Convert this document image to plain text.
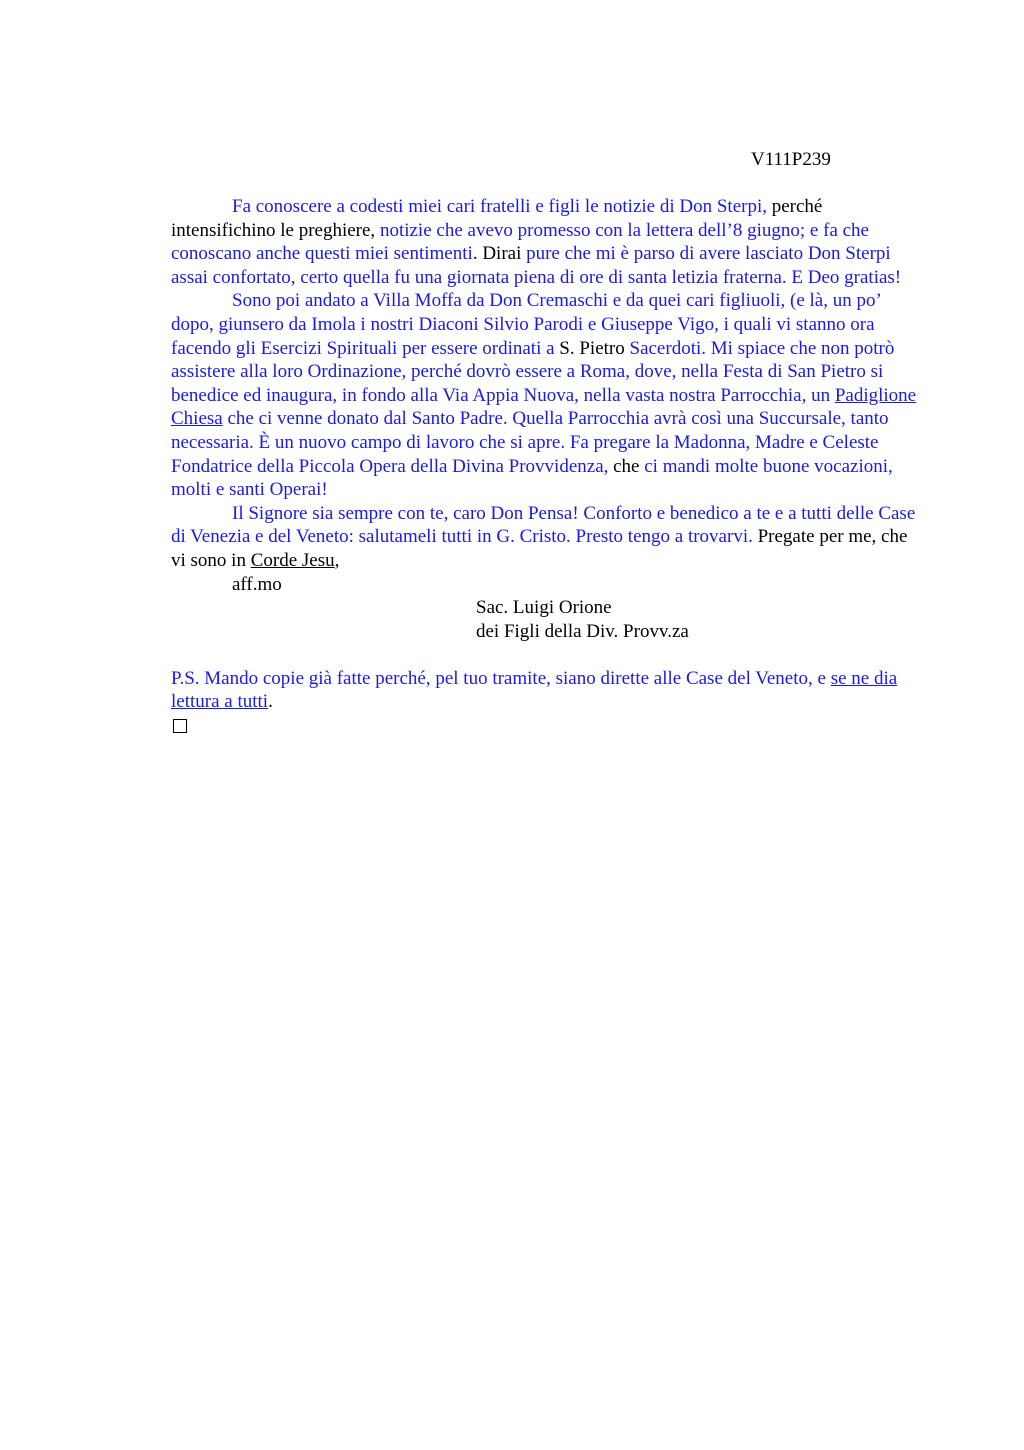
V111P239

Fa conoscere a codesti miei cari fratelli e figli le notizie di Don Sterpi, perché intensifichino le preghiere, notizie che avevo promesso con la lettera dell’8 giugno; e fa che conoscano anche questi miei sentimenti. Dirai pure che mi è parso di avere lasciato Don Sterpi assai confortato, certo quella fu una giornata piena di ore di santa letizia fraterna. E Deo gratias!

Sono poi andato a Villa Moffa da Don Cremaschi e da quei cari figliuoli, (e là, un po’ dopo, giunsero da Imola i nostri Diaconi Silvio Parodi e Giuseppe Vigo, i quali vi stanno ora facendo gli Esercizi Spirituali per essere ordinati a S. Pietro Sacerdoti. Mi spiace che non potrò assistere alla loro Ordinazione, perché dovrò essere a Roma, dove, nella Festa di San Pietro si benedice ed inaugura, in fondo alla Via Appia Nuova, nella vasta nostra Parrocchia, un Padiglione Chiesa che ci venne donato dal Santo Padre. Quella Parrocchia avrà così una Succursale, tanto necessaria. È un nuovo campo di lavoro che si apre. Fa pregare la Madonna, Madre e Celeste Fondatrice della Piccola Opera della Divina Provvidenza, che ci mandi molte buone vocazioni, molti e santi Operai!

Il Signore sia sempre con te, caro Don Pensa! Conforto e benedico a te e a tutti delle Case di Venezia e del Veneto: salutameli tutti in G. Cristo. Presto tengo a trovarvi. Pregate per me, che vi sono in Corde Jesu,

aff.mo

Sac. Luigi Orione

dei Figli della Div. Provv.za

P.S. Mando copie già fatte perché, pel tuo tramite, siano dirette alle Case del Veneto, e se ne dia lettura a tutti.
